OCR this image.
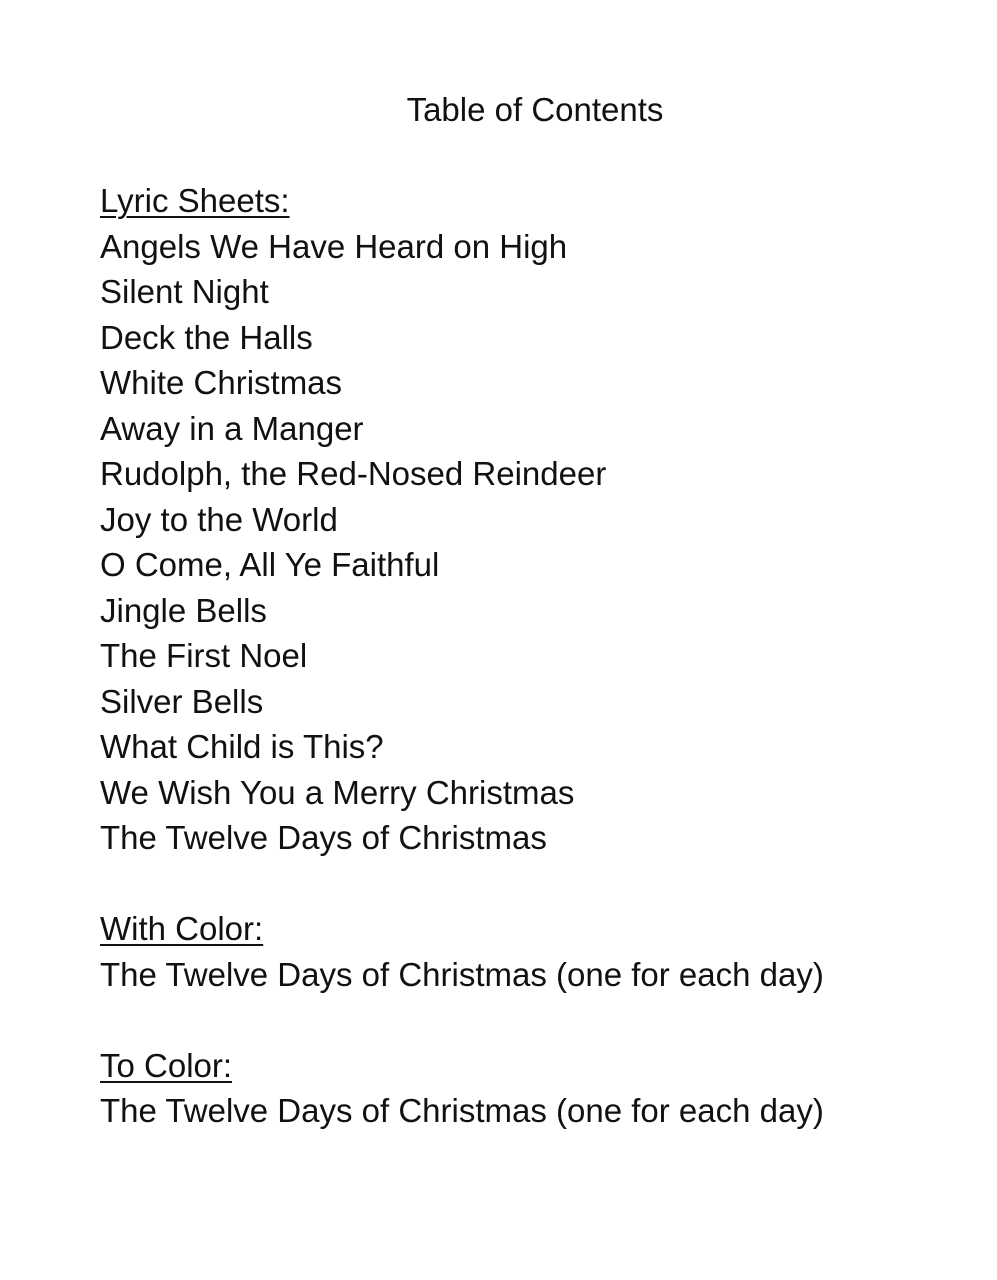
Table of Contents
Lyric Sheets:
Angels We Have Heard on High
Silent Night
Deck the Halls
White Christmas
Away in a Manger
Rudolph, the Red-Nosed Reindeer
Joy to the World
O Come, All Ye Faithful
Jingle Bells
The First Noel
Silver Bells
What Child is This?
We Wish You a Merry Christmas
The Twelve Days of Christmas
With Color:
The Twelve Days of Christmas (one for each day)
To Color:
The Twelve Days of Christmas (one for each day)
